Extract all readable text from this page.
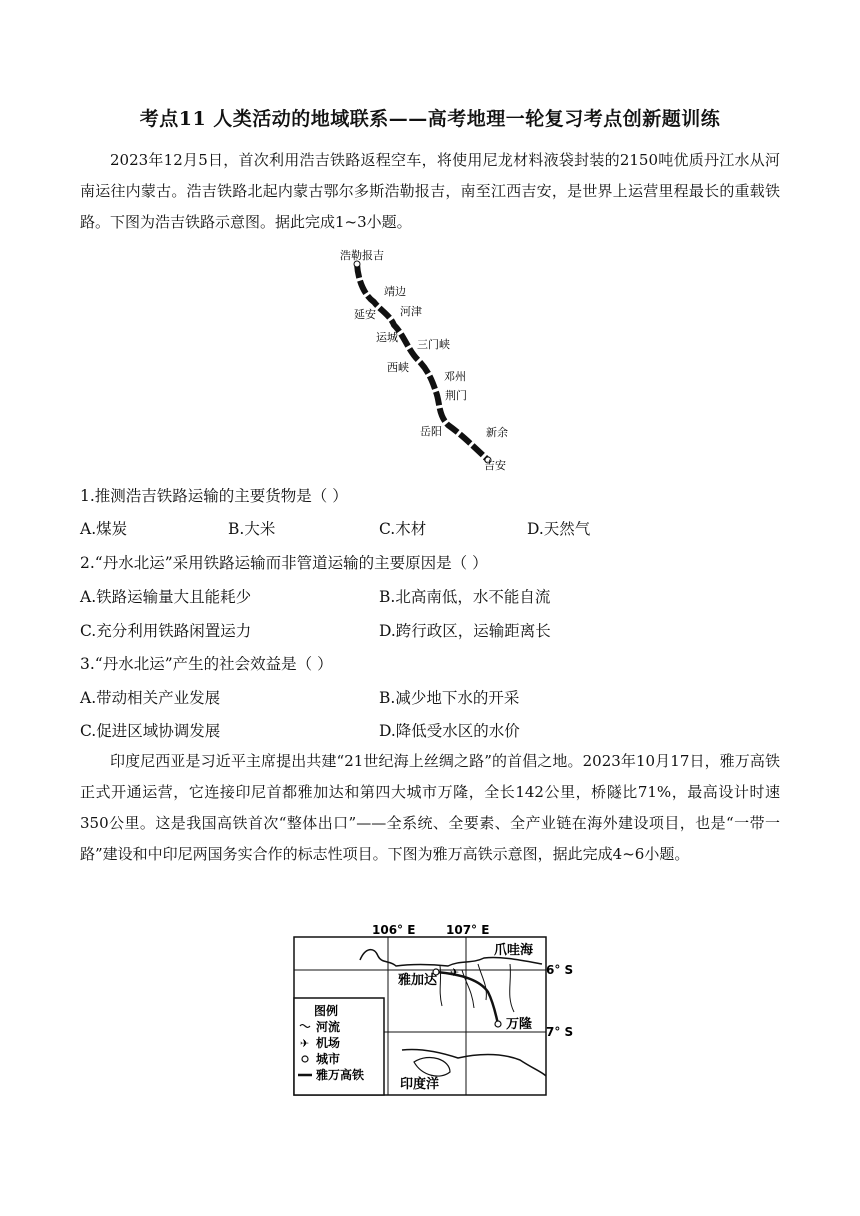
考点11 人类活动的地域联系——高考地理一轮复习考点创新题训练

2023年12月5日，首次利用浩吉铁路返程空车，将使用尼龙材料液袋封装的2150吨优质丹江水从河南运往内蒙古。浩吉铁路北起内蒙古鄂尔多斯浩勒报吉，南至江西吉安，是世界上运营里程最长的重载铁路。下图为浩吉铁路示意图。据此完成1~3小题。

浩勒报吉
靖边
延安 河津
运城
三门峡
西峡
邓州
荆门
岳阳	新余
吉安

1.推测浩吉铁路运输的主要货物是（ ）

A.煤炭	B.大米	C.木材	D.天然气

2.“丹水北运”采用铁路运输而非管道运输的主要原因是（ ）

A.铁路运输量大且能耗少	B.北高南低，水不能自流
C.充分利用铁路闲置运力	D.跨行政区，运输距离长

3.“丹水北运”产生的社会效益是（ ）

A.带动相关产业发展	B.减少地下水的开采
C.促进区域协调发展	D.降低受水区的水价

印度尼西亚是习近平主席提出共建“21世纪海上丝绸之路”的首倡之地。2023年10月17日，雅万高铁正式开通运营，它连接印尼首都雅加达和第四大城市万隆，全长142公里，桥隧比71%，最高设计时速350公里。这是我国高铁首次“整体出口”——全系统、全要素、全产业链在海外建设项目，也是“一带一路”建设和中印尼两国务实合作的标志性项目。下图为雅万高铁示意图，据此完成4~6小题。

106° E	107° E
6° S
7° S
✈
爪哇海
雅加达
万隆
印度洋
图例
河流
✈ 机场
城市
雅万高铁
